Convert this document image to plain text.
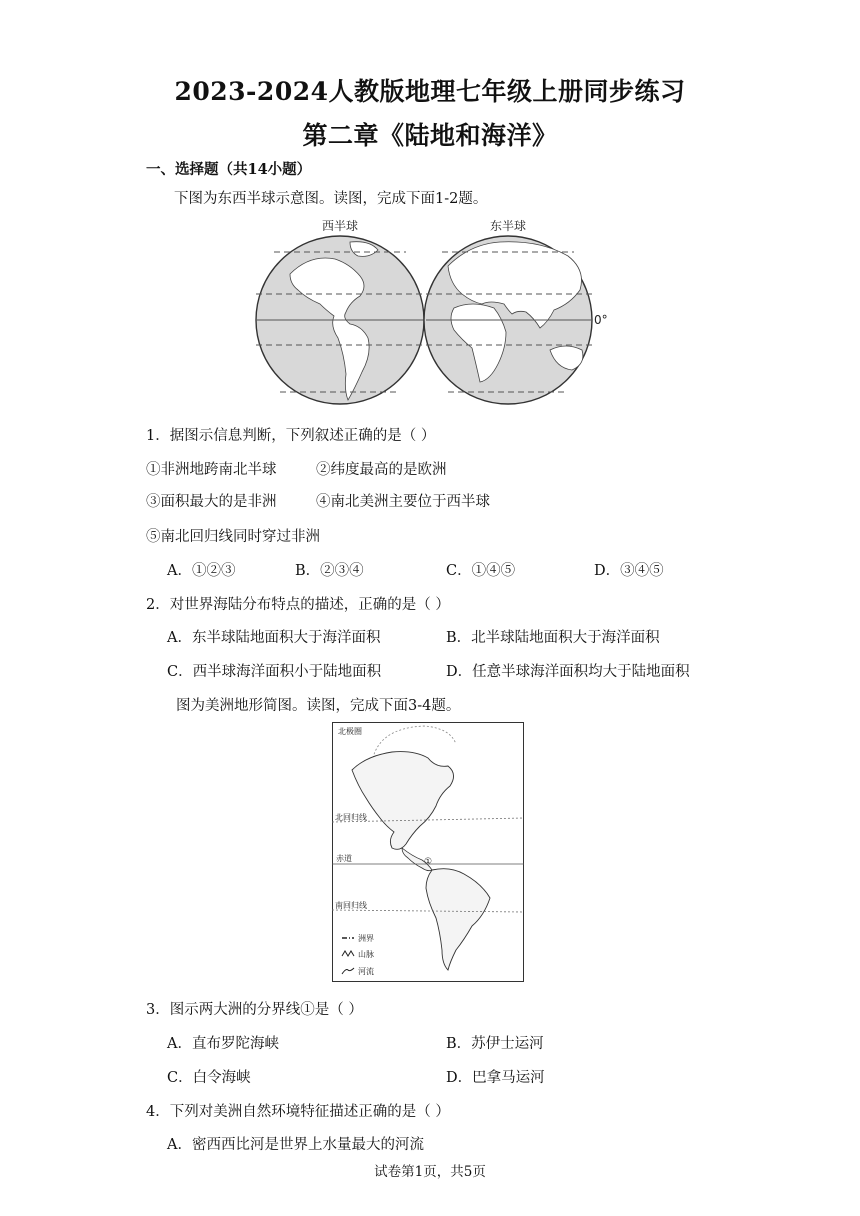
2023-2024人教版地理七年级上册同步练习
第二章《陆地和海洋》
一、选择题（共14小题）
下图为东西半球示意图。读图，完成下面1-2题。
西半球	东半球
0°
1．据图示信息判断，下列叙述正确的是（ ）
①非洲地跨南北半球	②纬度最高的是欧洲
③面积最大的是非洲	④南北美洲主要位于西半球
⑤南北回归线同时穿过非洲
A．①②③	B．②③④	C．①④⑤	D．③④⑤
2．对世界海陆分布特点的描述，正确的是（ ）
A．东半球陆地面积大于海洋面积	B．北半球陆地面积大于海洋面积
C．西半球海洋面积小于陆地面积	D．任意半球海洋面积均大于陆地面积
图为美洲地形简图。读图，完成下面3-4题。
北极圈
北回归线
赤道
南回归线
①
洲界
山脉
河流
3．图示两大洲的分界线①是（ ）
A．直布罗陀海峡	B．苏伊士运河
C．白令海峡	D．巴拿马运河
4．下列对美洲自然环境特征描述正确的是（ ）
A．密西西比河是世界上水量最大的河流
试卷第1页，共5页
